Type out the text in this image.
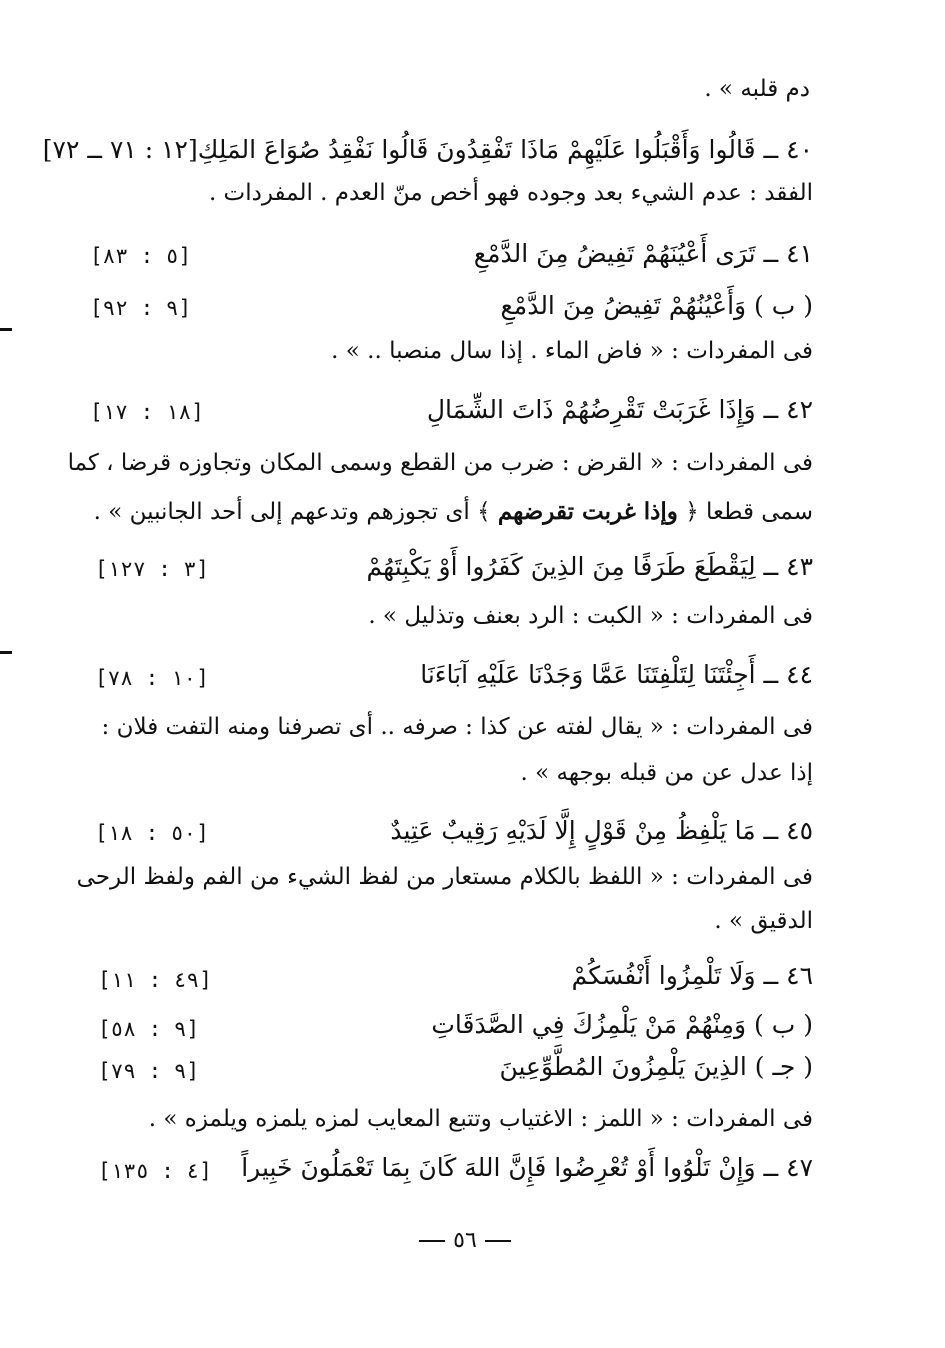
دم قلبه » .
٤٠ ــ قَالُوا وَأَقْبَلُوا عَلَيْهِمْ مَاذَا تَفْقِدُونَ قَالُوا نَفْقِدُ صُوَاعَ المَلِكِ[١٢ : ٧١ ــ ٧٢]
الفقد : عدم الشيء بعد وجوده فهو أخص منّ العدم . المفردات .
٤١ ــ تَرَى أَعْيُنَهُمْ تَفِيضُ مِنَ الدَّمْعِ
[٥ : ٨٣]
( ب ) وَأَعْيُنُهُمْ تَفِيضُ مِنَ الدَّمْعِ
[٩ : ٩٢]
فى المفردات : « فاض الماء . إذا سال منصبا .. » .
٤٢ ــ وَإِذَا غَرَبَتْ تَقْرِضُهُمْ ذَاتَ الشِّمَالِ
[١٨ : ١٧]
فى المفردات : « القرض : ضرب من القطع وسمى المكان وتجاوزه قرضا ، كما
سمى قطعا ﴿ وإذا غربت تقرضهم ﴾ أى تجوزهم وتدعهم إلى أحد الجانبين » .
٤٣ ــ لِيَقْطَعَ طَرَفًا مِنَ الذِينَ كَفَرُوا أَوْ يَكْبِتَهُمْ
[٣ : ١٢٧]
فى المفردات : « الكبت : الرد بعنف وتذليل » .
٤٤ ــ أَجِئْتَنَا لِتَلْفِتَنَا عَمَّا وَجَدْنَا عَلَيْهِ آبَاءَنَا
[١٠ : ٧٨]
فى المفردات : « يقال لفته عن كذا : صرفه .. أى تصرفنا ومنه التفت فلان :
إذا عدل عن من قبله بوجهه » .
٤٥ ــ مَا يَلْفِظُ مِنْ قَوْلٍ إِلَّا لَدَيْهِ رَقِيبٌ عَتِيدٌ
[٥٠ : ١٨]
فى المفردات : « اللفظ بالكلام مستعار من لفظ الشيء من الفم ولفظ الرحى
الدقيق » .
٤٦ ــ وَلَا تَلْمِزُوا أَنْفُسَكُمْ
[٤٩ : ١١]
( ب ) وَمِنْهُمْ مَنْ يَلْمِزُكَ فِي الصَّدَقَاتِ
[٩ : ٥٨]
( جـ ) الذِينَ يَلْمِزُونَ المُطَّوِّعِينَ
[٩ : ٧٩]
فى المفردات : « اللمز : الاغتياب وتتبع المعايب لمزه يلمزه ويلمزه » .
٤٧ ــ وَإِنْ تَلْوُوا أَوْ تُعْرِضُوا فَإِنَّ اللهَ كَانَ بِمَا تَعْمَلُونَ خَبِيراً
[٤ : ١٣٥]
٥٦
